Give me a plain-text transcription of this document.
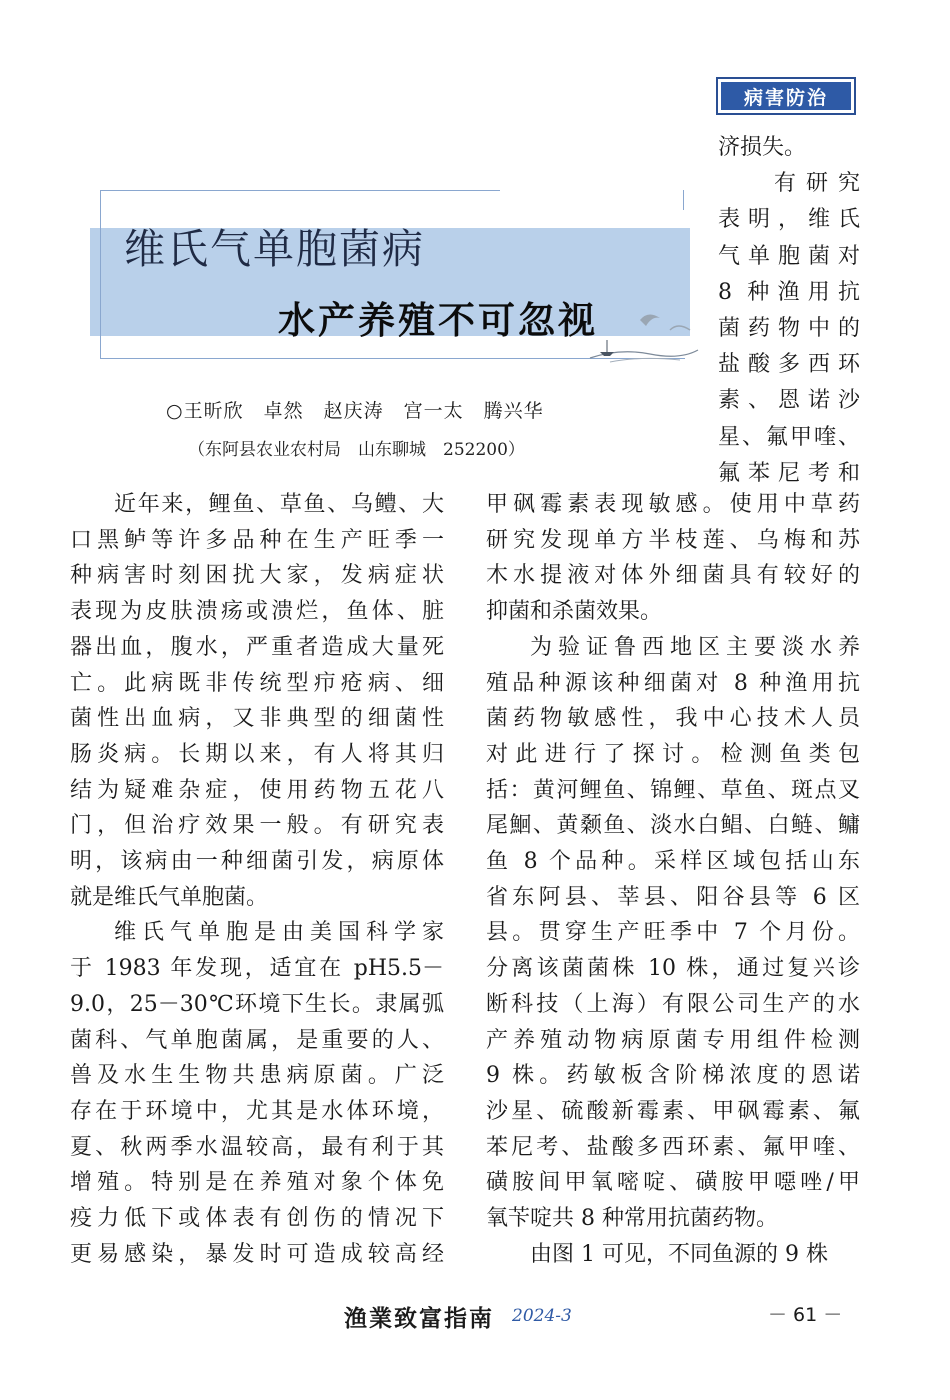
病害防治
维氏气单胞菌病
水产养殖不可忽视
○王昕欣　卓然　赵庆涛　宫一太　腾兴华
（东阿县农业农村局　山东聊城　252200）
济损失。
有研究
表明，维氏
气单胞菌对
8 种渔用抗
菌药物中的
盐酸多西环
素、恩诺沙
星、氟甲喹、
氟苯尼考和
近年来，鲤鱼、草鱼、乌鳢、大
口黑鲈等许多品种在生产旺季一
种病害时刻困扰大家，发病症状
表现为皮肤溃疡或溃烂，鱼体、脏
器出血，腹水，严重者造成大量死
亡。此病既非传统型疖疮病、细
菌性出血病，又非典型的细菌性
肠炎病。长期以来，有人将其归
结为疑难杂症，使用药物五花八
门，但治疗效果一般。有研究表
明，该病由一种细菌引发，病原体
就是维氏气单胞菌。
维氏气单胞是由美国科学家
于 1983 年发现，适宜在 pH5.5－
9.0，25－30℃环境下生长。隶属弧
菌科、气单胞菌属，是重要的人、
兽及水生生物共患病原菌。广泛
存在于环境中，尤其是水体环境，
夏、秋两季水温较高，最有利于其
增殖。特别是在养殖对象个体免
疫力低下或体表有创伤的情况下
更易感染，暴发时可造成较高经
甲砜霉素表现敏感。使用中草药
研究发现单方半枝莲、乌梅和苏
木水提液对体外细菌具有较好的
抑菌和杀菌效果。
为验证鲁西地区主要淡水养
殖品种源该种细菌对 8 种渔用抗
菌药物敏感性，我中心技术人员
对此进行了探讨。检测鱼类包
括：黄河鲤鱼、锦鲤、草鱼、斑点叉
尾鮰、黄颡鱼、淡水白鲳、白鲢、鳙
鱼 8 个品种。采样区域包括山东
省东阿县、莘县、阳谷县等 6 区
县。贯穿生产旺季中 7 个月份。
分离该菌菌株 10 株，通过复兴诊
断科技（上海）有限公司生产的水
产养殖动物病原菌专用组件检测
9 株。药敏板含阶梯浓度的恩诺
沙星、硫酸新霉素、甲砜霉素、氟
苯尼考、盐酸多西环素、氟甲喹、
磺胺间甲氧嘧啶、磺胺甲噁唑/甲
氧苄啶共 8 种常用抗菌药物。
由图 1 可见，不同鱼源的 9 株
渔業致富指南 2024-3	－ 61 －
